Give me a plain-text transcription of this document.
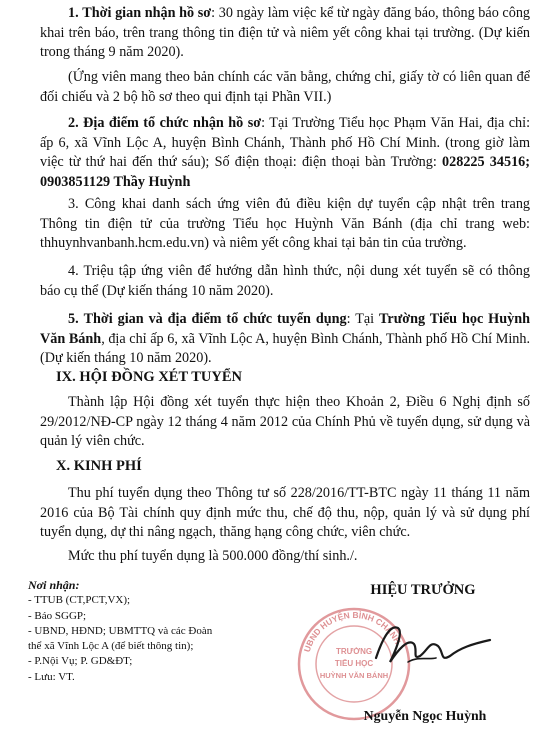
1. Thời gian nhận hồ sơ: 30 ngày làm việc kể từ ngày đăng báo, thông báo công khai trên báo, trên trang thông tin điện tử và niêm yết công khai tại trường. (Dự kiến trong tháng 9 năm 2020).

(Ứng viên mang theo bản chính các văn bằng, chứng chỉ, giấy tờ có liên quan để đối chiếu và 2 bộ hồ sơ theo qui định tại Phần VII.)

2. Địa điểm tổ chức nhận hồ sơ: Tại Trường Tiểu học Phạm Văn Hai, địa chỉ: ấp 6, xã Vĩnh Lộc A, huyện Bình Chánh, Thành phố Hồ Chí Minh. (trong giờ làm việc từ thứ hai đến thứ sáu); Số điện thoại: điện thoại bàn Trường: 028225 34516; 0903851129 Thầy Huỳnh

3. Công khai danh sách ứng viên đủ điều kiện dự tuyển cập nhật trên trang Thông tin điện tử của trường Tiểu học Huỳnh Văn Bánh (địa chỉ trang web: thhuynhvanbanh.hcm.edu.vn) và niêm yết công khai tại bản tin của trường.

4. Triệu tập ứng viên để hướng dẫn hình thức, nội dung xét tuyển sẽ có thông báo cụ thể (Dự kiến tháng 10 năm 2020).

5. Thời gian và địa điểm tổ chức tuyển dụng: Tại Trường Tiểu học Huỳnh Văn Bánh, địa chỉ ấp 6, xã Vĩnh Lộc A, huyện Bình Chánh, Thành phố Hồ Chí Minh. (Dự kiến tháng 10 năm 2020).

IX. HỘI ĐỒNG XÉT TUYỂN

Thành lập Hội đồng xét tuyển thực hiện theo Khoản 2, Điều 6 Nghị định số 29/2012/NĐ-CP ngày 12 tháng 4 năm 2012 của Chính Phủ về tuyển dụng, sử dụng và quản lý viên chức.

X. KINH PHÍ

Thu phí tuyển dụng theo Thông tư số 228/2016/TT-BTC ngày 11 tháng 11 năm 2016 của Bộ Tài chính quy định mức thu, chế độ thu, nộp, quản lý và sử dụng phí tuyển dụng, dự thi nâng ngạch, thăng hạng công chức, viên chức.

Mức thu phí tuyển dụng là 500.000 đồng/thí sinh./.

Nơi nhận:
- TTUB (CT,PCT,VX);
- Báo SGGP;
- UBND, HĐND; UBMTTQ và các Đoàn
thể xã Vĩnh Lộc A (để biết thông tin);
- P.Nội Vụ; P. GD&ĐT;
- Lưu: VT.
HIỆU TRƯỞNG
UBND HUYỆN BÌNH CHÁNH
TRƯỜNG
TIỂU HỌC
HUỲNH VĂN BÁNH
Nguyễn Ngọc Huỳnh
